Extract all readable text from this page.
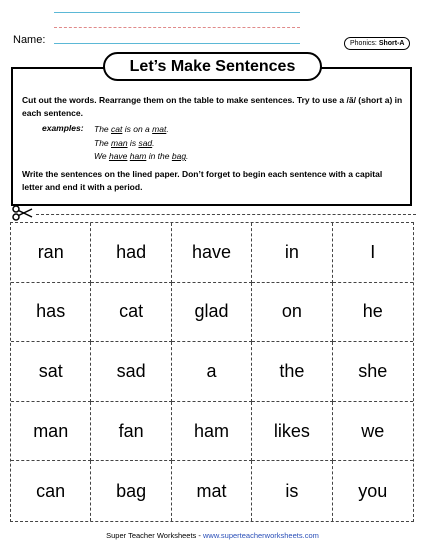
Name:	Phonics: Short-A
Let’s Make Sentences
Cut out the words. Rearrange them on the table to make sentences. Try to use a /ă/ (short a) in each sentence.
examples: The cat is on a mat.
The man is sad.
We have ham in the bag.
Write the sentences on the lined paper. Don’t forget to begin each sentence with a capital letter and end it with a period.
ran	had	have	in	I
has	cat	glad	on	he
sat	sad	a	the	she
man	fan	ham	likes	we
can	bag	mat	is	you
Super Teacher Worksheets - www.superteacherworksheets.com
